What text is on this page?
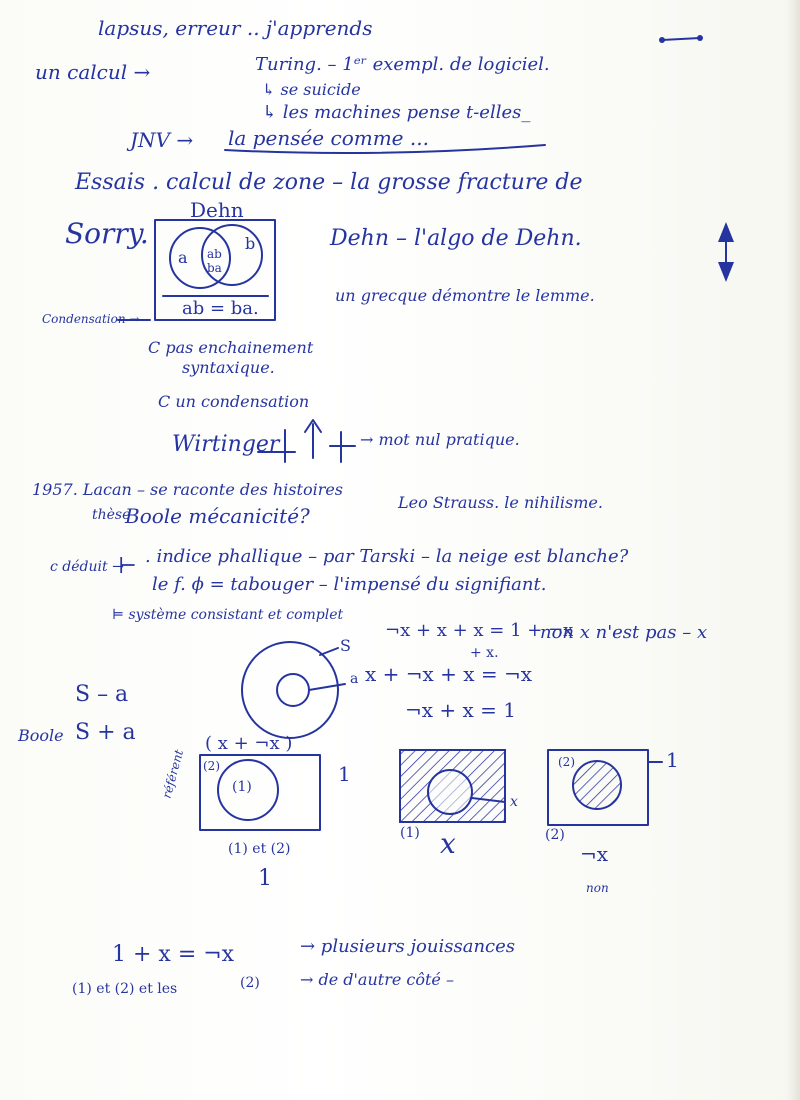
lapsus, erreur .. j'apprends
un calcul →	Turing. – 1ᵉʳ exempl. de logiciel.
↳ se suicide
↳ les machines pense t-elles_
JNV → la pensée comme ...
Essais . calcul de zone – la grosse fracture de
Sorry.
Dehn
a ab
ba
b
ab = ba.
Dehn – l'algo de Dehn.
un grecque démontre le lemme.
Condensation →
C pas enchainement
syntaxique.
C un condensation
Wirtinger	→ mot nul pratique.
1957. Lacan – se raconte des histoires
thèse
Boole mécanicité?
Leo Strauss. le nihilisme.
c déduit →
⊢ . indice phallique – par Tarski – la neige est blanche?
le f. ϕ = tabouger – l'impensé du signifiant.
⊨ système consistant et complet
¬x + x + x = 1 + ¬x
non x n'est pas – x
+ x.
x + ¬x + x = ¬x
¬x + x = 1
S
a
S – a
Boole S + a	( x + ¬x )
référent (2)
(1)
1
(1) et (2)
1
(1) x
x
(2)	1
(2)
¬x
non
1 + x = ¬x	→ plusieurs jouissances
(1) et (2) et les	(2)	→ de d'autre côté –
